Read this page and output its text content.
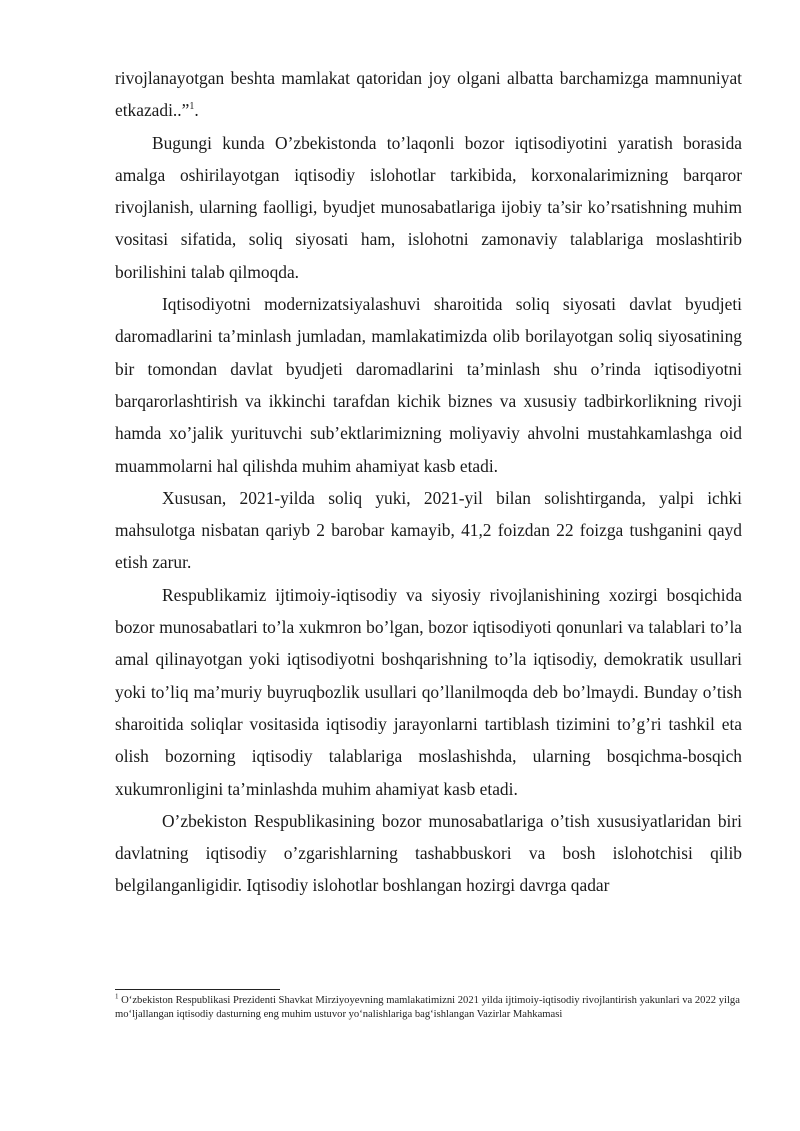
rivojlanayotgan beshta mamlakat qatoridan joy olgani albatta barchamizga mamnuniyat etkazadi..”$^1$.

Bugungi kunda O’zbekistonda to’laqonli bozor iqtisodiyotini yaratish borasida amalga oshirilayotgan iqtisodiy islohotlar tarkibida, korxonalarimizning barqaror rivojlanish, ularning faolligi, byudjet munosabatlariga ijobiy ta’sir ko’rsatishning muhim vositasi sifatida, soliq siyosati ham, islohotni zamonaviy talablariga moslashtirib borilishini talab qilmoqda.

Iqtisodiyotni modernizatsiyalashuvi sharoitida soliq siyosati davlat byudjeti daromadlarini ta’minlash jumladan, mamlakatimizda olib borilayotgan soliq siyosatining bir tomondan davlat byudjeti daromadlarini ta’minlash shu o’rinda iqtisodiyotni barqarorlashtirish va ikkinchi tarafdan kichik biznes va xususiy tadbirkorlikning rivoji hamda xo’jalik yurituvchi sub’ektlarimizning moliyaviy ahvolni mustahkamlashga oid muammolarni hal qilishda muhim ahamiyat kasb etadi.

Xususan, 2021-yilda soliq yuki, 2021-yil bilan solishtirganda, yalpi ichki mahsulotga nisbatan qariyb 2 barobar kamayib, 41,2 foizdan 22 foizga tushganini qayd etish zarur.

Respublikamiz ijtimoiy-iqtisodiy va siyosiy rivojlanishining xozirgi bosqichida bozor munosabatlari to’la xukmron bo’lgan, bozor iqtisodiyoti qonunlari va talablari to’la amal qilinayotgan yoki iqtisodiyotni boshqarishning to’la iqtisodiy, demokratik usullari yoki to’liq ma’muriy buyruqbozlik usullari qo’llanilmoqda deb bo’lmaydi. Bunday o’tish sharoitida soliqlar vositasida iqtisodiy jarayonlarni tartiblash tizimini to’g’ri tashkil eta olish bozorning iqtisodiy talablariga moslashishda, ularning bosqichma-bosqich xukumronligini ta’minlashda muhim ahamiyat kasb etadi.

O’zbekiston Respublikasining bozor munosabatlariga o’tish xususiyatlaridan biri davlatning iqtisodiy o’zgarishlarning tashabbuskori va bosh islohotchisi qilib belgilanganligidir. Iqtisodiy islohotlar boshlangan hozirgi davrga qadar

$^1$ O‘zbekiston Respublikasi Prezidenti Shavkat Mirziyoyevning mamlakatimizni 2021 yilda ijtimoiy-iqtisodiy rivojlantirish yakunlari va 2022 yilga mo‘ljallangan iqtisodiy dasturning eng muhim ustuvor yo‘nalishlariga bag‘ishlangan Vazirlar Mahkamasi
